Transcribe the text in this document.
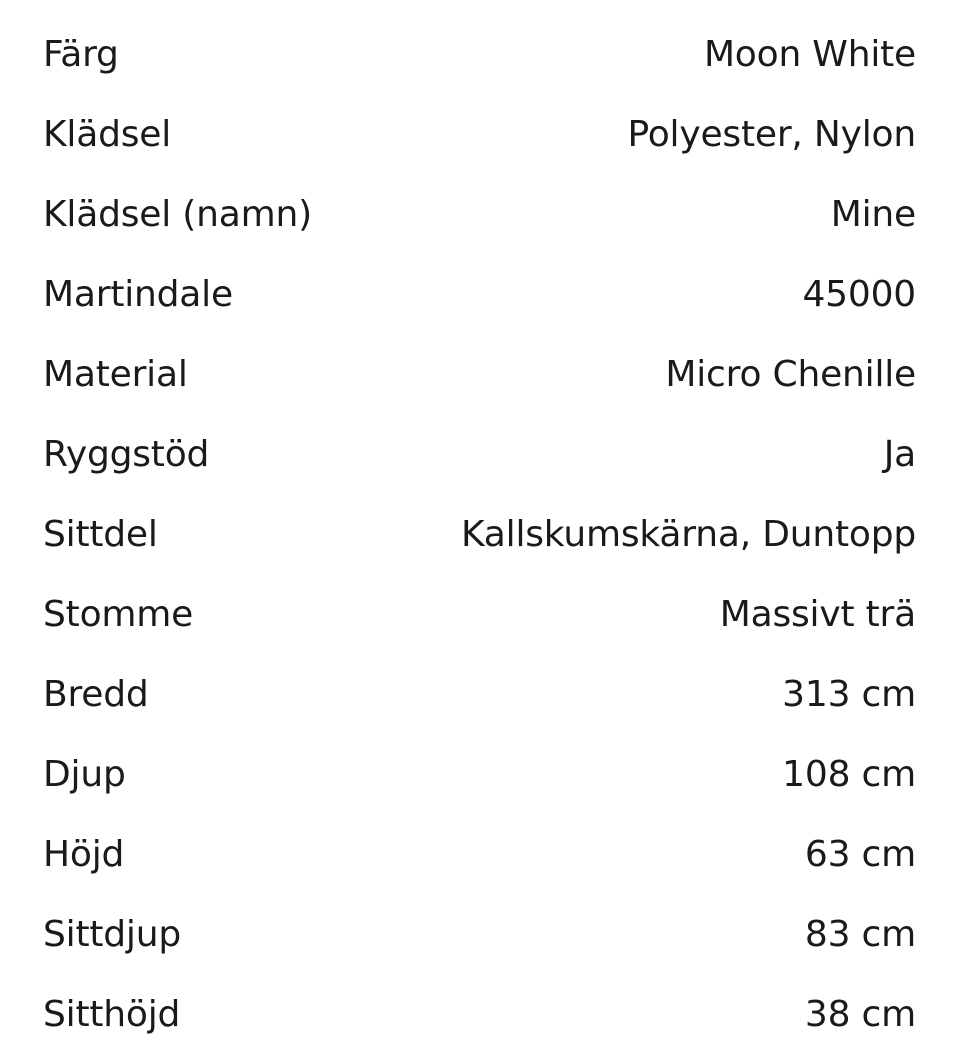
Färg	Moon White
Klädsel	Polyester, Nylon
Klädsel (namn)	Mine
Martindale	45000
Material	Micro Chenille
Ryggstöd	Ja
Sittdel	Kallskumskärna, Duntopp
Stomme	Massivt trä
Bredd	313 cm
Djup	108 cm
Höjd	63 cm
Sittdjup	83 cm
Sitthöjd	38 cm
